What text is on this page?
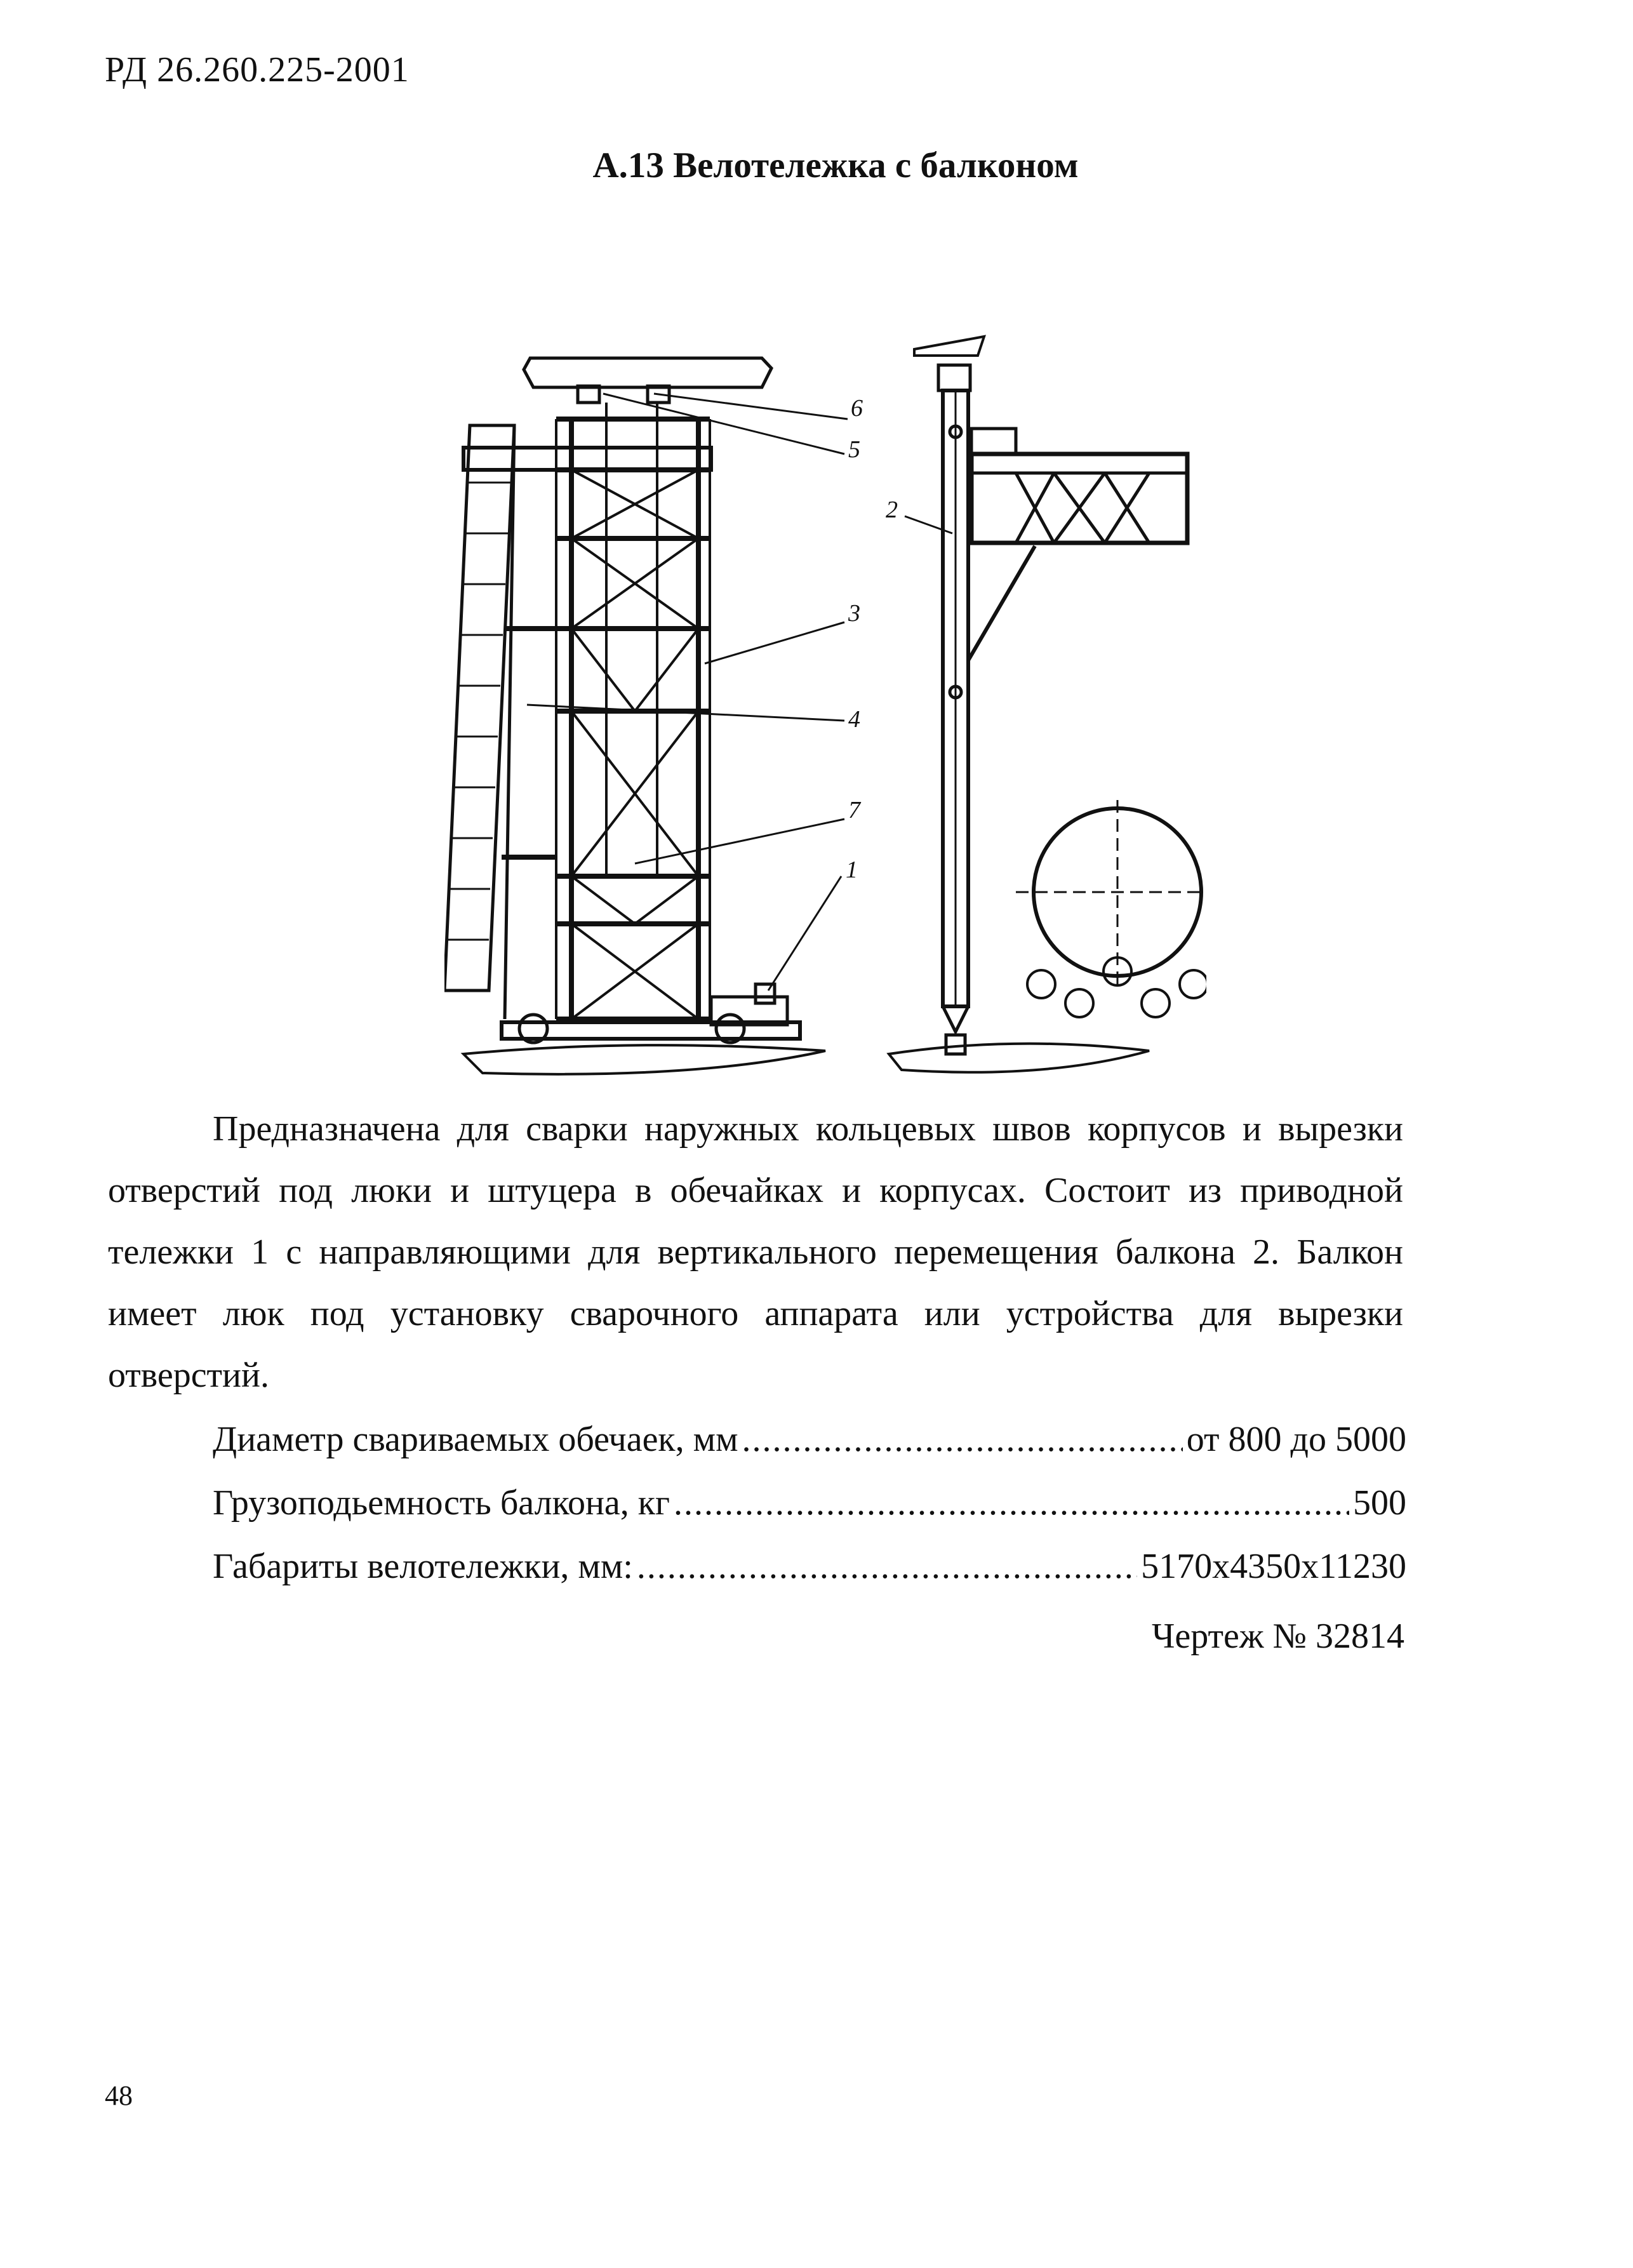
РД 26.260.225-2001
А.13 Велотележка с балконом
6
5
2
3
4
7
1

Предназначена для сварки наружных кольцевых швов корпусов и вырезки отверстий под люки и штуцера в обечайках и корпусах. Состоит из приводной тележки 1 с направляющими для вертикального перемещения балкона 2. Балкон имеет люк под установку сварочного аппарата или устройства для вырезки отверстий.

Диаметр свариваемых обечаек, мм .....	от 800 до 5000
Грузоподьемность балкона, кг .....	500
Габариты велотележки, мм: .....	5170х4350х11230
Чертеж № 32814
48
